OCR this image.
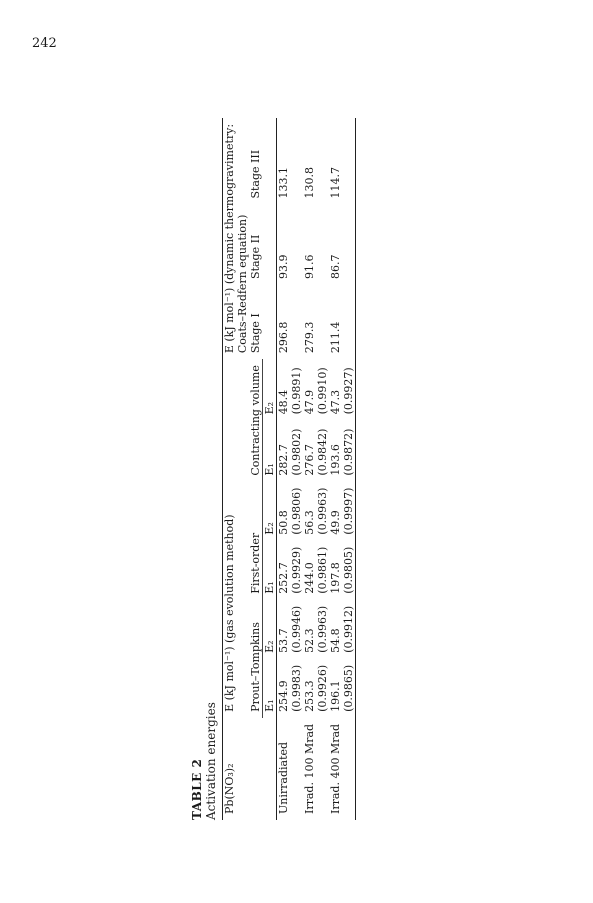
242
TABLE 2 Activation energies Pb(NO₃)₂	E (kJ mol⁻¹) (gas evolution method)						E (kJ mol⁻¹) (dynamic thermogravimetry:
Coats–Redfern equation)		
	Prout–Tompkins		First-order		Contracting volume		Stage I	Stage II	Stage III
	E₁	E₂	E₁	E₂	E₁	E₂			
Unirradiated	254.9	53.7	252.7	50.8	282.7	48.4	296.8	93.9	133.1
	(0.9983)	(0.9946)	(0.9929)	(0.9806)	(0.9802)	(0.9891)			
Irrad. 100 Mrad	253.3	52.3	244.0	56.3	276.7	47.9	279.3	91.6	130.8
	(0.9926)	(0.9963)	(0.9861)	(0.9963)	(0.9842)	(0.9910)			
Irrad. 400 Mrad	196.1	54.8	197.8	49.9	193.6	47.3	211.4	86.7	114.7
	(0.9865)	(0.9912)	(0.9805)	(0.9997)	(0.9872)	(0.9927)			
